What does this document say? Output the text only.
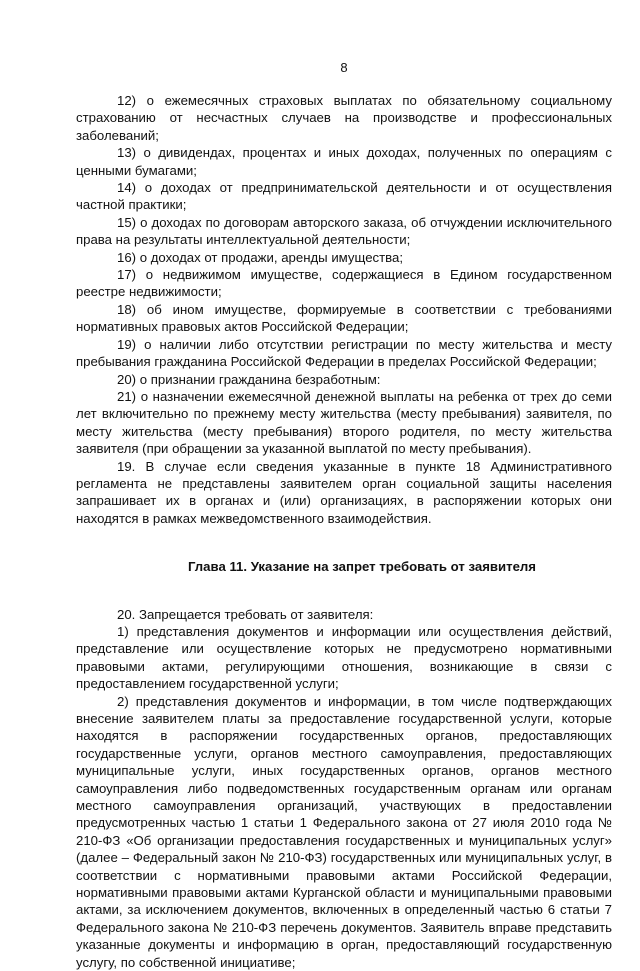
8

12) о ежемесячных страховых выплатах по обязательному социальному страхованию от несчастных случаев на производстве и профессиональных заболеваний;

13) о дивидендах, процентах и иных доходах, полученных по операциям с ценными бумагами;

14) о доходах от предпринимательской деятельности и от осуществления частной практики;

15) о доходах по договорам авторского заказа, об отчуждении исключительного права на результаты интеллектуальной деятельности;

16) о доходах от продажи, аренды имущества;

17) о недвижимом имуществе, содержащиеся в Едином государственном реестре недвижимости;

18) об ином имуществе, формируемые в соответствии с требованиями нормативных правовых актов Российской Федерации;

19) о наличии либо отсутствии регистрации по месту жительства и месту пребывания гражданина Российской Федерации в пределах Российской Федерации;

20) о признании гражданина безработным:

21) о назначении ежемесячной денежной выплаты на ребенка от трех до семи лет включительно по прежнему месту жительства (месту пребывания) заявителя, по месту жительства (месту пребывания) второго родителя, по месту жительства заявителя (при обращении за указанной выплатой по месту пребывания).

19. В случае если сведения указанные в пункте 18 Административного регламента не представлены заявителем орган социальной защиты населения запрашивает их в органах и (или) организациях, в распоряжении которых они находятся в рамках межведомственного взаимодействия.

Глава 11. Указание на запрет требовать от заявителя

20. Запрещается требовать от заявителя:

1) представления документов и информации или осуществления действий, представление или осуществление которых не предусмотрено нормативными правовыми актами, регулирующими отношения, возникающие в связи с предоставлением государственной услуги;

2) представления документов и информации, в том числе подтверждающих внесение заявителем платы за предоставление государственной услуги, которые находятся в распоряжении государственных органов, предоставляющих государственные услуги, органов местного самоуправления, предоставляющих муниципальные услуги, иных государственных органов, органов местного самоуправления либо подведомственных государственным органам или органам местного самоуправления организаций, участвующих в предоставлении предусмотренных частью 1 статьи 1 Федерального закона от 27 июля 2010 года № 210-ФЗ «Об организации предоставления государственных и муниципальных услуг» (далее – Федеральный закон № 210-ФЗ) государственных или муниципальных услуг, в соответствии с нормативными правовыми актами Российской Федерации, нормативными правовыми актами Курганской области и муниципальными правовыми актами, за исключением документов, включенных в определенный частью 6 статьи 7 Федерального закона № 210-ФЗ перечень документов. Заявитель вправе представить указанные документы и информацию в орган, предоставляющий государственную услугу, по собственной инициативе;
